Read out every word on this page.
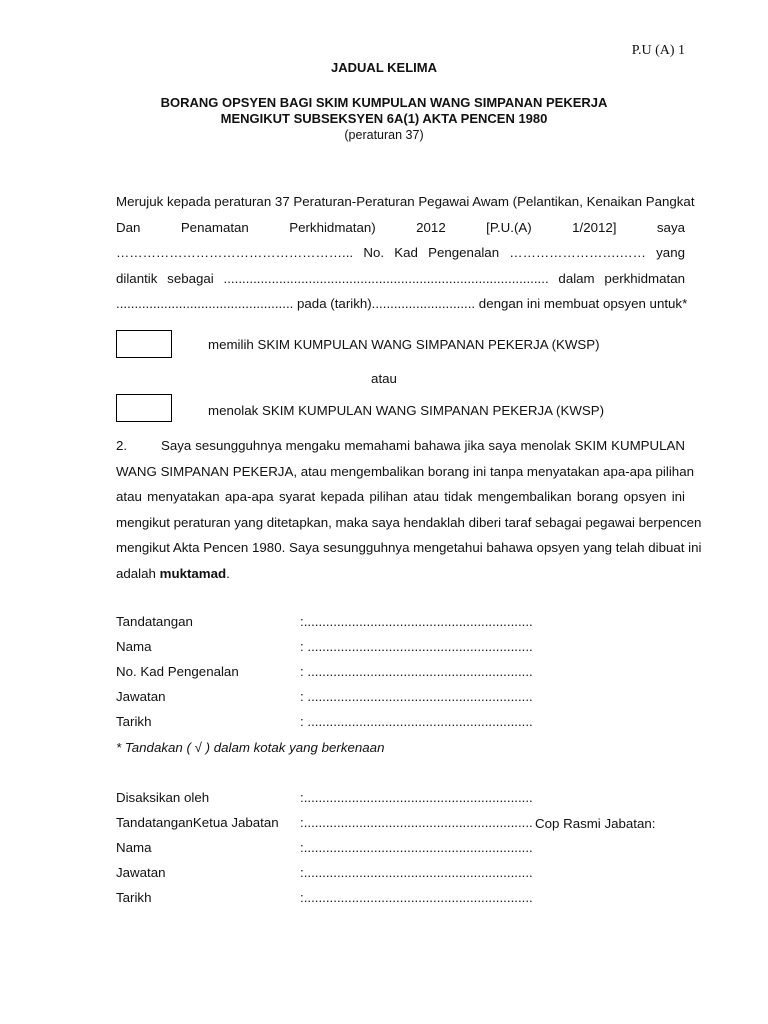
P.U (A) 1
JADUAL KELIMA
BORANG OPSYEN BAGI SKIM KUMPULAN WANG SIMPANAN PEKERJA
MENGIKUT SUBSEKSYEN 6A(1) AKTA PENCEN 1980
(peraturan 37)
Merujuk kepada peraturan 37 Peraturan-Peraturan Pegawai Awam (Pelantikan, Kenaikan Pangkat
Dan Penamatan Perkhidmatan) 2012 [P.U.(A) 1/2012] saya
……………………………………………... No. Kad Pengenalan …………………….…… yang
dilantik sebagai ........................................................................................ dalam perkhidmatan
................................................ pada (tarikh)............................ dengan ini membuat opsyen untuk*
memilih SKIM KUMPULAN WANG SIMPANAN PEKERJA (KWSP)
atau
menolak SKIM KUMPULAN WANG SIMPANAN PEKERJA (KWSP)
2.	Saya sesungguhnya mengaku memahami bahawa jika saya menolak SKIM KUMPULAN
WANG SIMPANAN PEKERJA, atau mengembalikan borang ini tanpa menyatakan apa-apa pilihan
atau menyatakan apa-apa syarat kepada pilihan atau tidak mengembalikan borang opsyen ini
mengikut peraturan yang ditetapkan, maka saya hendaklah diberi taraf sebagai pegawai berpencen
mengikut Akta Pencen 1980. Saya sesungguhnya mengetahui bahawa opsyen yang telah dibuat ini
adalah muktamad.
Tandatangan	:..............................................................
Nama	: .............................................................
No. Kad Pengenalan	: .............................................................
Jawatan	: .............................................................
Tarikh	: .............................................................
* Tandakan ( √ ) dalam kotak yang berkenaan
Disaksikan oleh	:..............................................................
TandatanganKetua Jabatan :.............................................................. Cop Rasmi Jabatan:
Nama	:..............................................................
Jawatan	:..............................................................
Tarikh	:..............................................................
